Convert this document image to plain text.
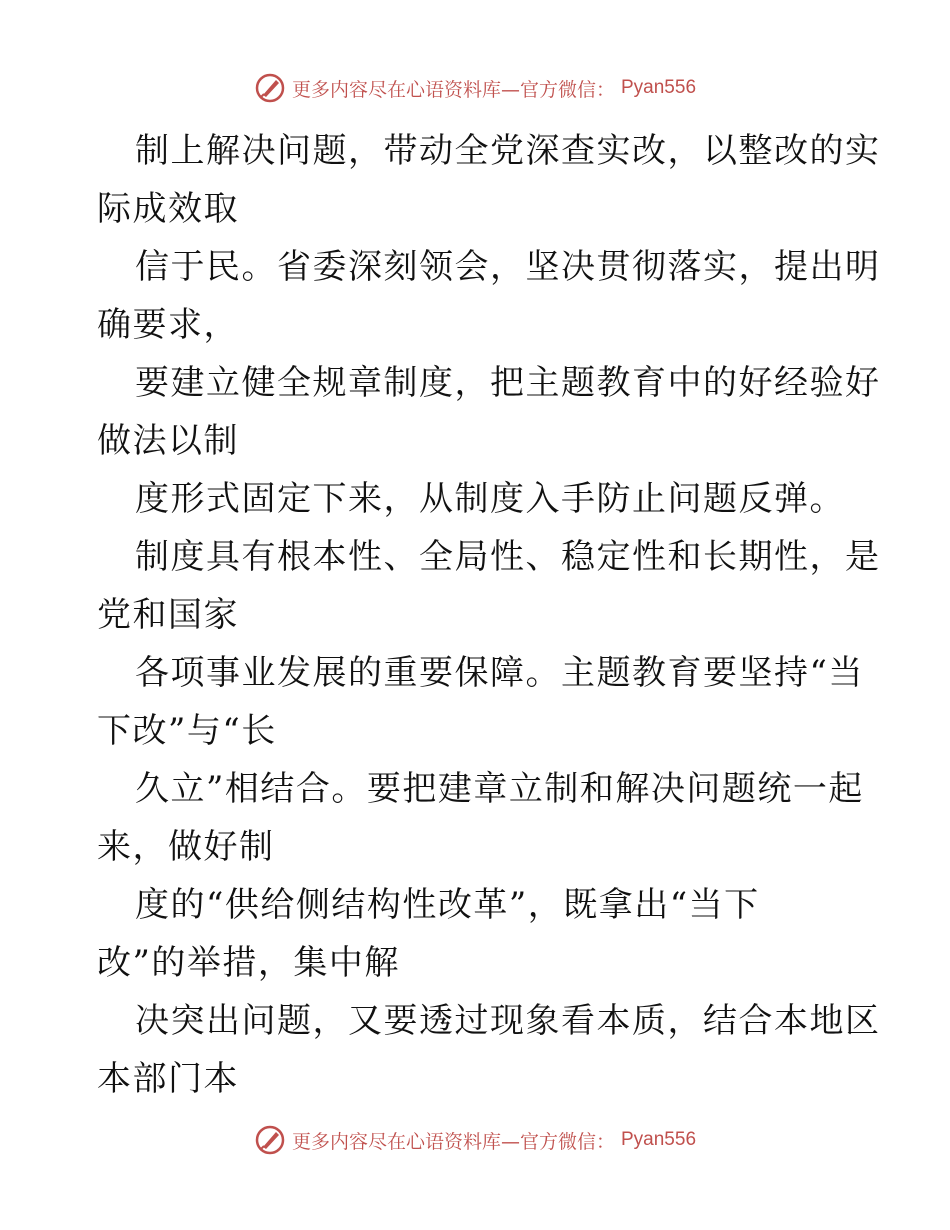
更多内容尽在心语资料库—官方微信： Pyan556

制上解决问题，带动全党深查实改，以整改的实
际成效取

信于民。省委深刻领会，坚决贯彻落实，提出明
确要求，

要建立健全规章制度，把主题教育中的好经验好
做法以制

度形式固定下来，从制度入手防止问题反弹。

制度具有根本性、全局性、稳定性和长期性，是
党和国家

各项事业发展的重要保障。主题教育要坚持“当
下改”与“长

久立”相结合。要把建章立制和解决问题统一起
来，做好制

度的“供给侧结构性改革”，既拿出“当下
改”的举措，集中解

决突出问题，又要透过现象看本质，结合本地区
本部门本

更多内容尽在心语资料库—官方微信： Pyan556
